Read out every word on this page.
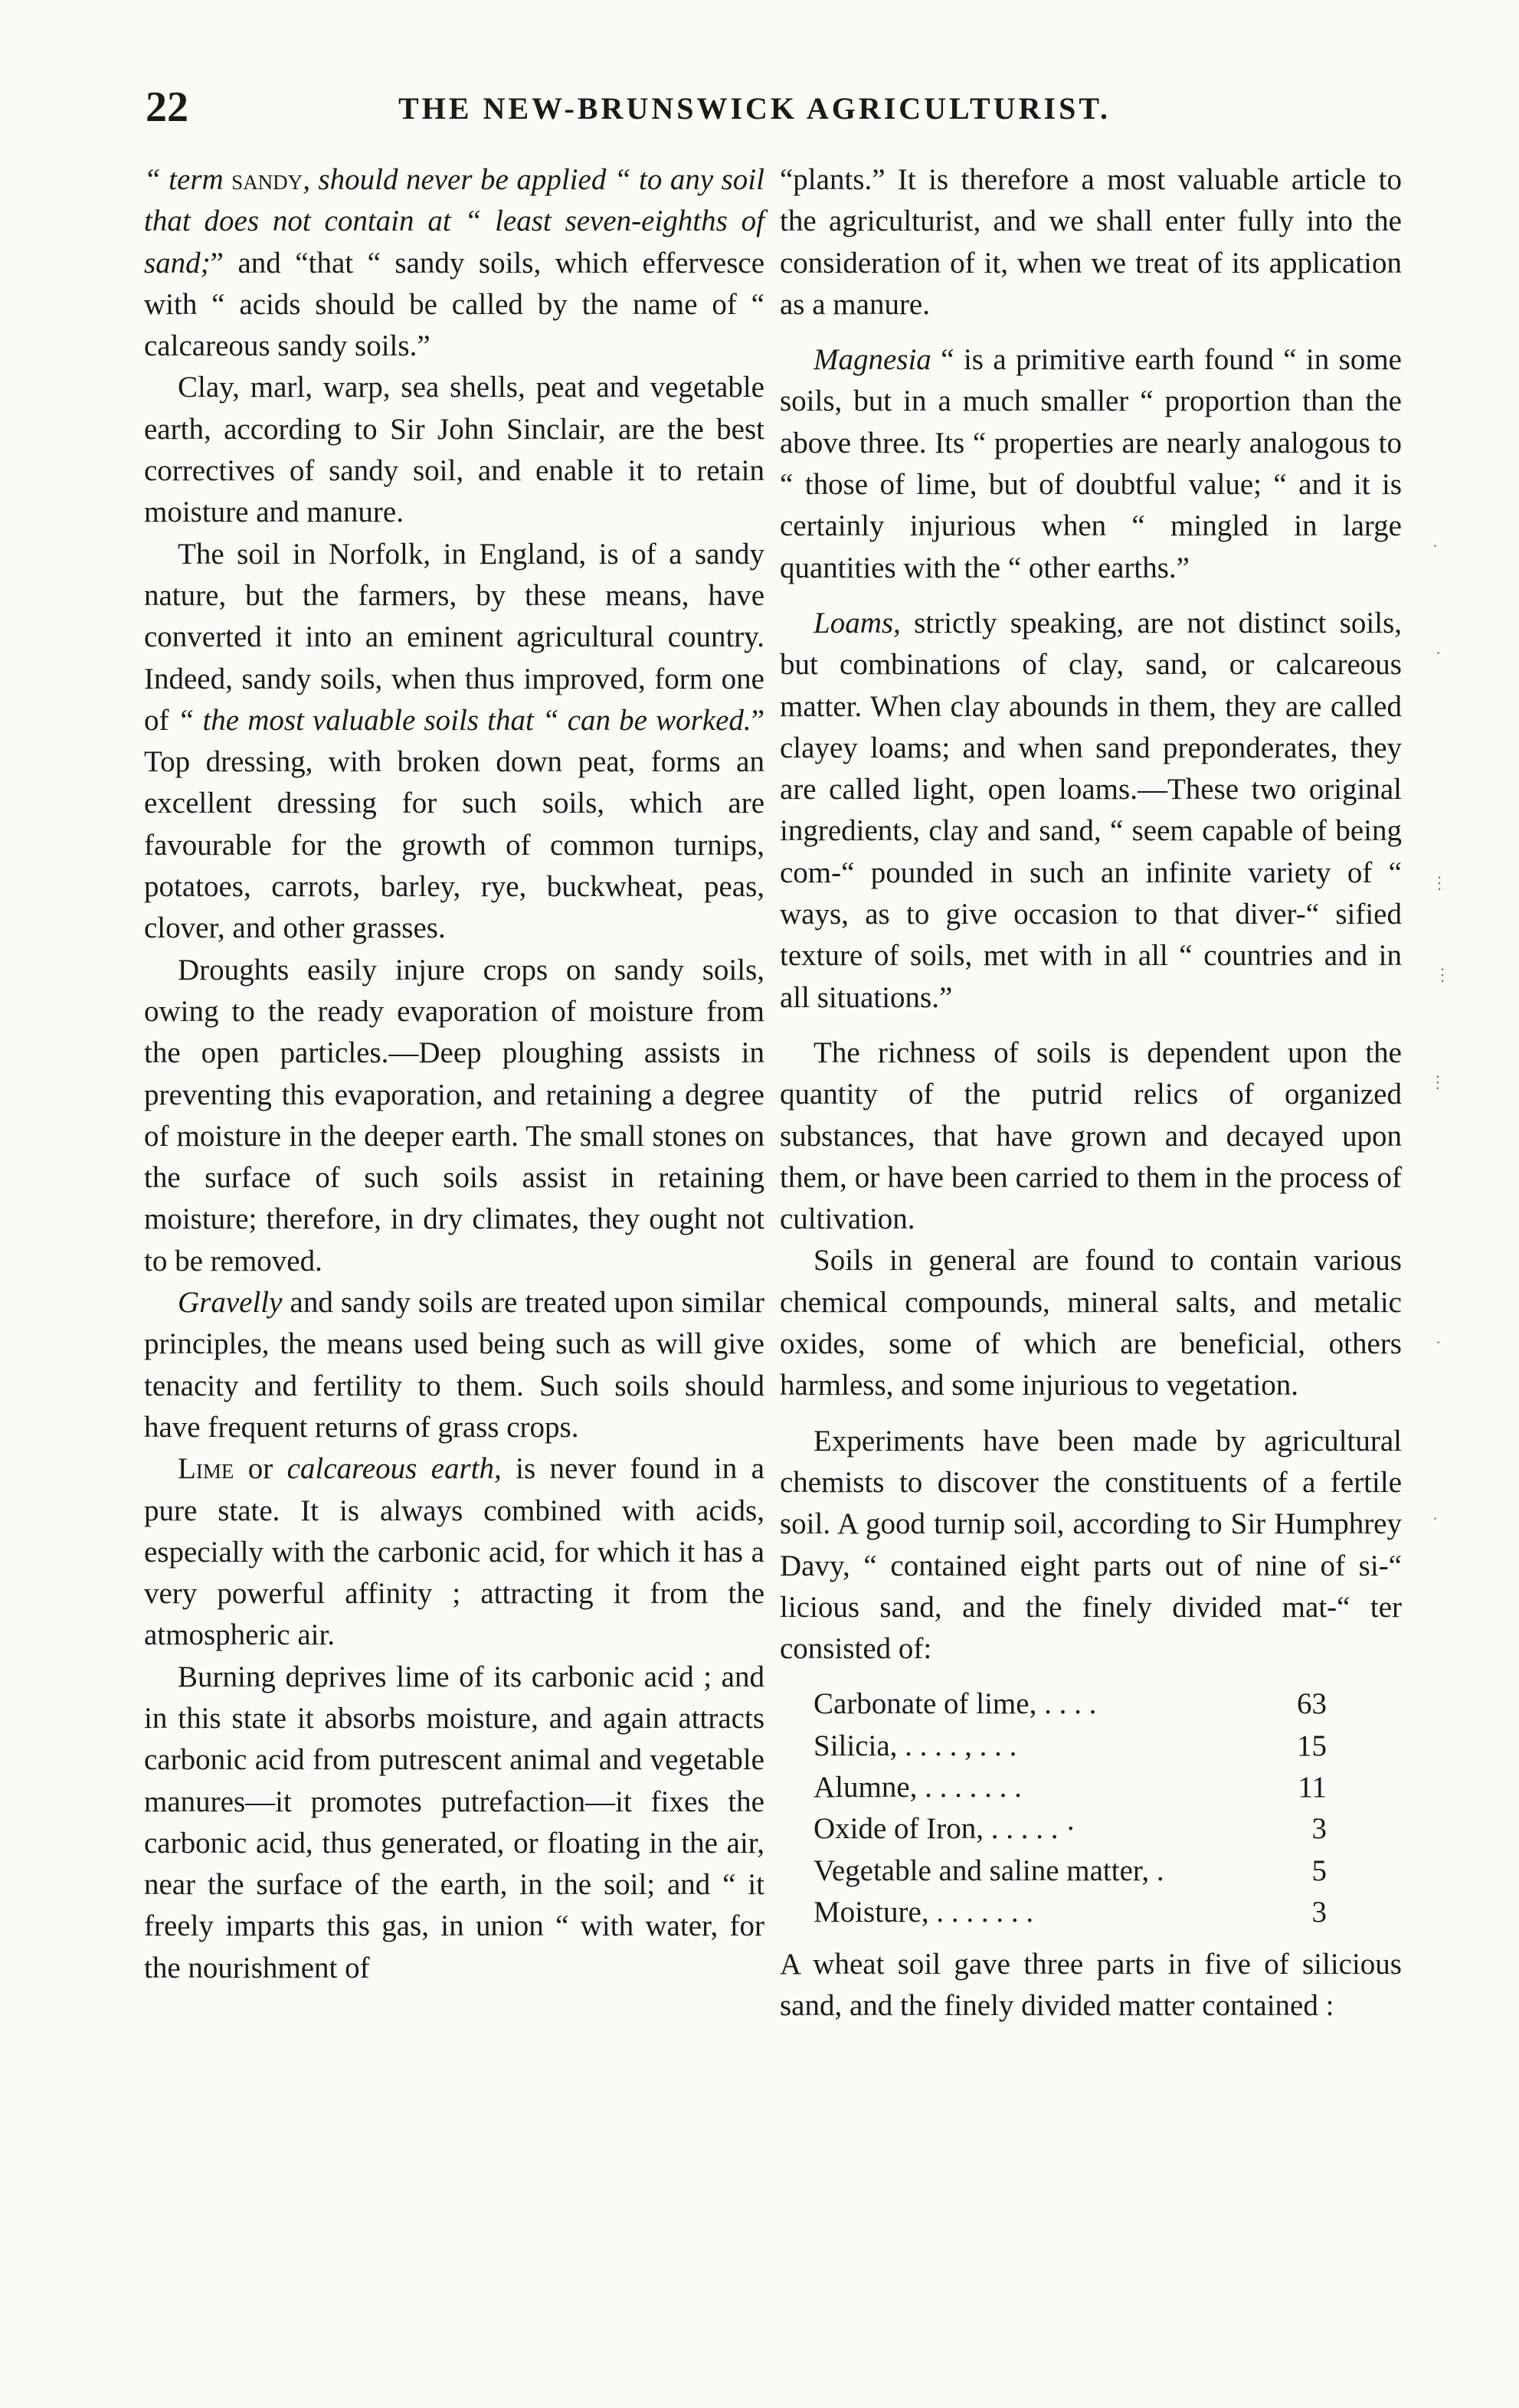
22	THE NEW-BRUNSWICK AGRICULTURIST.

“ term sandy, should never be applied “ to any soil that does not contain at “ least seven-eighths of sand;” and “that “ sandy soils, which effervesce with “ acids should be called by the name of “ calcareous sandy soils.”

Clay, marl, warp, sea shells, peat and vegetable earth, according to Sir John Sinclair, are the best correctives of sandy soil, and enable it to retain moisture and manure.

The soil in Norfolk, in England, is of a sandy nature, but the farmers, by these means, have converted it into an eminent agricultural country. Indeed, sandy soils, when thus improved, form one of “ the most valuable soils that “ can be worked.” Top dressing, with broken down peat, forms an excellent dressing for such soils, which are favourable for the growth of common turnips, potatoes, carrots, barley, rye, buckwheat, peas, clover, and other grasses.

Droughts easily injure crops on sandy soils, owing to the ready evaporation of moisture from the open particles.—Deep ploughing assists in preventing this evaporation, and retaining a degree of moisture in the deeper earth. The small stones on the surface of such soils assist in retaining moisture; therefore, in dry climates, they ought not to be removed.

Gravelly and sandy soils are treated upon similar principles, the means used being such as will give tenacity and fertility to them. Such soils should have frequent returns of grass crops.

Lime or calcareous earth, is never found in a pure state. It is always combined with acids, especially with the carbonic acid, for which it has a very powerful affinity ; attracting it from the atmospheric air.

Burning deprives lime of its carbonic acid ; and in this state it absorbs moisture, and again attracts carbonic acid from putrescent animal and vegetable manures—it promotes putrefaction—it fixes the carbonic acid, thus generated, or floating in the air, near the surface of the earth, in the soil; and “ it freely imparts this gas, in union “ with water, for the nourishment of

“plants.” It is therefore a most valuable article to the agriculturist, and we shall enter fully into the consideration of it, when we treat of its application as a manure.

Magnesia “ is a primitive earth found “ in some soils, but in a much smaller “ proportion than the above three. Its “ properties are nearly analogous to “ those of lime, but of doubtful value; “ and it is certainly injurious when “ mingled in large quantities with the “ other earths.”

Loams, strictly speaking, are not distinct soils, but combinations of clay, sand, or calcareous matter. When clay abounds in them, they are called clayey loams; and when sand preponderates, they are called light, open loams.—These two original ingredients, clay and sand, “ seem capable of being com-“ pounded in such an infinite variety of “ ways, as to give occasion to that diver-“ sified texture of soils, met with in all “ countries and in all situations.”

The richness of soils is dependent upon the quantity of the putrid relics of organized substances, that have grown and decayed upon them, or have been carried to them in the process of cultivation.

Soils in general are found to contain various chemical compounds, mineral salts, and metalic oxides, some of which are beneficial, others harmless, and some injurious to vegetation.

Experiments have been made by agricultural chemists to discover the constituents of a fertile soil. A good turnip soil, according to Sir Humphrey Davy, “ contained eight parts out of nine of si-“ licious sand, and the finely divided mat-“ ter consisted of:

Carbonate of lime, . . . .	63
Silicia, . . . . , . . .	15
Alumne, . . . . . . .	11
Oxide of Iron, . . . . . ·	3
Vegetable and saline matter, .	5
Moisture, . . . . . . .	3

A wheat soil gave three parts in five of silicious sand, and the finely divided matter contained :

·
·
⋮
⋮
⋮
·
·
